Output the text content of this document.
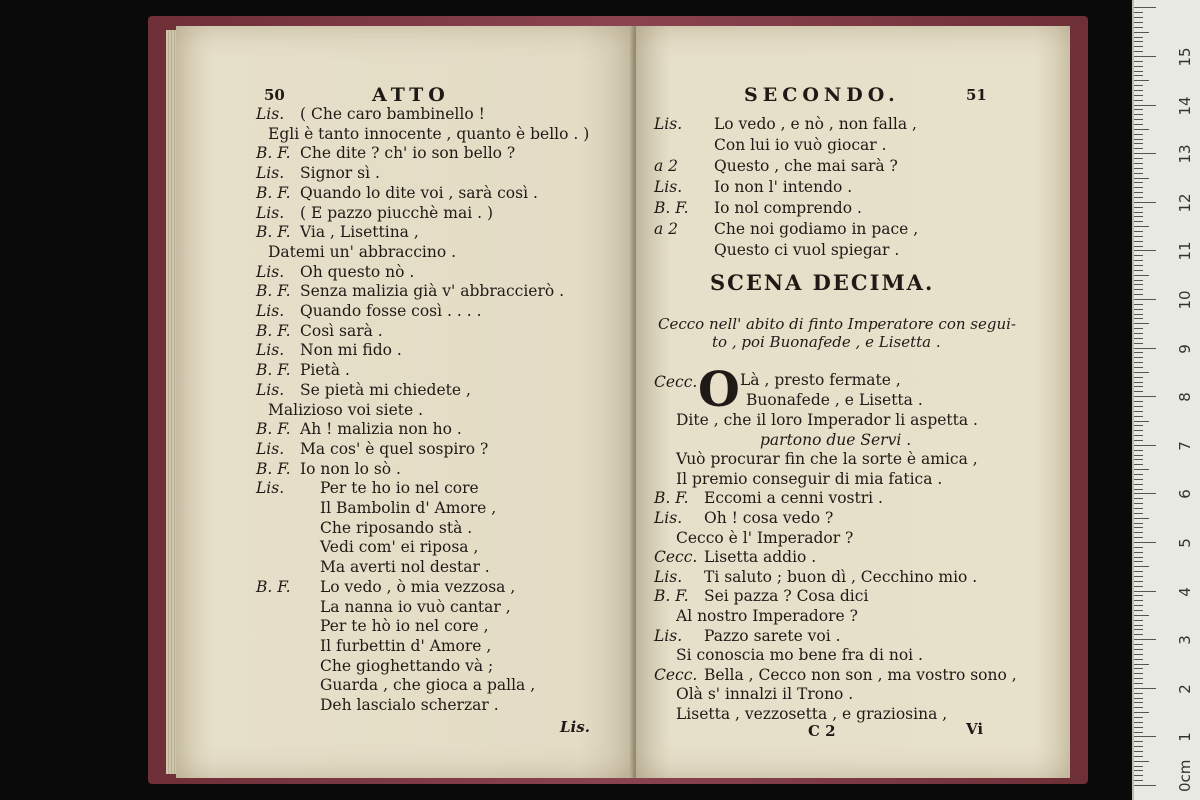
50	ATTO
Lis. ( Che caro bambinello !
Egli è tanto innocente , quanto è bello . )
B. F. Che dite ? ch' io son bello ?
Lis. Signor sì .
B. F. Quando lo dite voi , sarà così .
Lis. ( E pazzo piucchè mai . )
B. F. Via , Lisettina ,
Datemi un' abbraccino .
Lis. Oh questo nò .
B. F. Senza malizia già v' abbraccierò .
Lis. Quando fosse così . . . .
B. F. Così sarà .
Lis. Non mi fido .
B. F. Pietà .
Lis. Se pietà mi chiedete ,
Malizioso voi siete .
B. F. Ah ! malizia non ho .
Lis. Ma cos' è quel sospiro ?
B. F. Io non lo sò .
Lis. Per te ho io nel core
Il Bambolin d' Amore ,
Che riposando stà .
Vedi com' ei riposa ,
Ma averti nol destar .
B. F. Lo vedo , ò mia vezzosa ,
La nanna io vuò cantar ,
Per te hò io nel core ,
Il furbettin d' Amore ,
Che gioghettando và ;
Guarda , che gioca a palla ,
Deh lascialo scherzar .
Lis.
SECONDO.	51
Lis. Lo vedo , e nò , non falla ,
Con lui io vuò giocar .
a 2 Questo , che mai sarà ?
Lis. Io non l' intendo .
B. F. Io nol comprendo .
a 2 Che noi godiamo in pace ,
Questo ci vuol spiegar .
SCENA DECIMA.
Cecco nell' abito di finto Imperatore con segui-
to , poi Buonafede , e Lisetta .
Cecc. O Là , presto fermate ,
Buonafede , e Lisetta .
Dite , che il loro Imperador li aspetta .
partono due Servi .
Vuò procurar fin che la sorte è amica ,
Il premio conseguir di mia fatica .
B. F. Eccomi a cenni vostri .
Lis. Oh ! cosa vedo ?
Cecco è l' Imperador ?
Cecc. Lisetta addio .
Lis. Ti saluto ; buon dì , Cecchino mio .
B. F. Sei pazza ? Cosa dici
Al nostro Imperadore ?
Lis. Pazzo sarete voi .
Si conoscia mo bene fra di noi .
Cecc. Bella , Cecco non son , ma vostro sono ,
Olà s' innalzi il Trono .
Lisetta , vezzosetta , e graziosina ,
C 2	Vi
0cm
15
14
13
12
11
10
9
8
7
6
5
4
3
2
1
